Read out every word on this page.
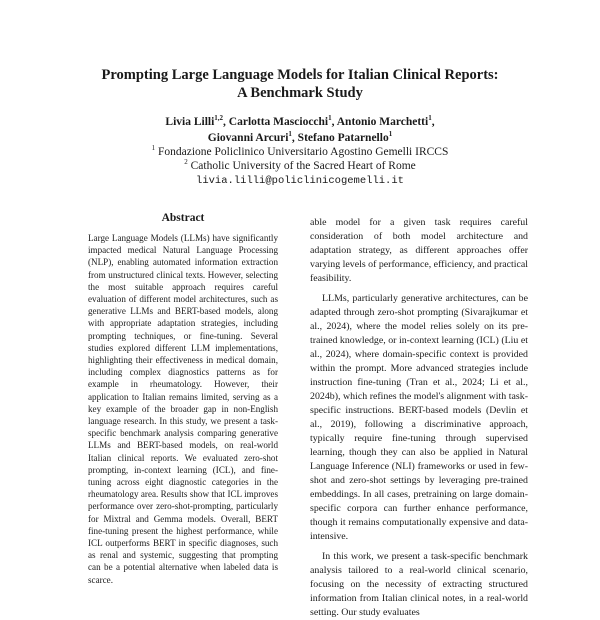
Prompting Large Language Models for Italian Clinical Reports:
A Benchmark Study
Livia Lilli$^{1,2}$, Carlotta Masciocchi$^1$, Antonio Marchetti$^1$,
Giovanni Arcuri$^1$, Stefano Patarnello$^1$
$^1$ Fondazione Policlinico Universitario Agostino Gemelli IRCCS
$^2$ Catholic University of the Sacred Heart of Rome
livia.lilli@policlinicogemelli.it
Abstract
Large Language Models (LLMs) have significantly impacted medical Natural Language Processing (NLP), enabling automated information extraction from unstructured clinical texts. However, selecting the most suitable approach requires careful evaluation of different model architectures, such as generative LLMs and BERT-based models, along with appropriate adaptation strategies, including prompting techniques, or fine-tuning. Several studies explored different LLM implementations, highlighting their effectiveness in medical domain, including complex diagnostics patterns as for example in rheumatology. However, their application to Italian remains limited, serving as a key example of the broader gap in non-English language research. In this study, we present a task-specific benchmark analysis comparing generative LLMs and BERT-based models, on real-world Italian clinical reports. We evaluated zero-shot prompting, in-context learning (ICL), and fine-tuning across eight diagnostic categories in the rheumatology area. Results show that ICL improves performance over zero-shot-prompting, particularly for Mixtral and Gemma models. Overall, BERT fine-tuning present the highest performance, while ICL outperforms BERT in specific diagnoses, such as renal and systemic, suggesting that prompting can be a potential alternative when labeled data is scarce.

able model for a given task requires careful consideration of both model architecture and adaptation strategy, as different approaches offer varying levels of performance, efficiency, and practical feasibility.

LLMs, particularly generative architectures, can be adapted through zero-shot prompting (Sivarajkumar et al., 2024), where the model relies solely on its pre-trained knowledge, or in-context learning (ICL) (Liu et al., 2024), where domain-specific context is provided within the prompt. More advanced strategies include instruction fine-tuning (Tran et al., 2024; Li et al., 2024b), which refines the model's alignment with task-specific instructions. BERT-based models (Devlin et al., 2019), following a discriminative approach, typically require fine-tuning through supervised learning, though they can also be applied in Natural Language Inference (NLI) frameworks or used in few-shot and zero-shot settings by leveraging pre-trained embeddings. In all cases, pretraining on large domain-specific corpora can further enhance performance, though it remains computationally expensive and data-intensive.

In this work, we present a task-specific benchmark analysis tailored to a real-world clinical scenario, focusing on the necessity of extracting structured information from Italian clinical notes, in a real-world setting. Our study evaluates
